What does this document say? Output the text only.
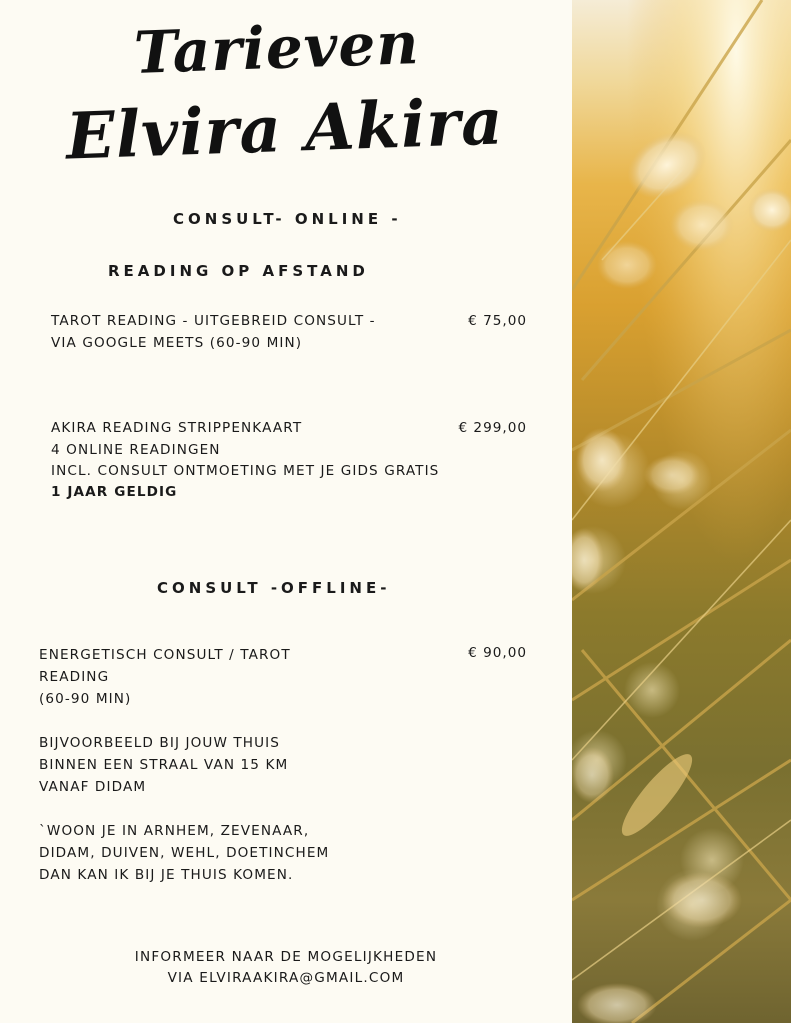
Tarieven
Elvira Akira
CONSULT- ONLINE -
READING OP AFSTAND
TAROT READING - UITGEBREID CONSULT -
VIA GOOGLE MEETS (60-90 MIN)
€ 75,00
AKIRA READING STRIPPENKAART
4 ONLINE READINGEN
INCL. CONSULT ONTMOETING MET JE GIDS GRATIS
1 JAAR GELDIG
€ 299,00
CONSULT -OFFLINE-
ENERGETISCH CONSULT / TAROT
READING
(60-90 MIN)
€ 90,00
BIJVOORBEELD BIJ JOUW THUIS
BINNEN EEN STRAAL VAN 15 KM
VANAF DIDAM
`WOON JE IN ARNHEM, ZEVENAAR,
DIDAM, DUIVEN, WEHL, DOETINCHEM
DAN KAN IK BIJ JE THUIS KOMEN.
INFORMEER NAAR DE MOGELIJKHEDEN
VIA ELVIRAAKIRA@GMAIL.COM
